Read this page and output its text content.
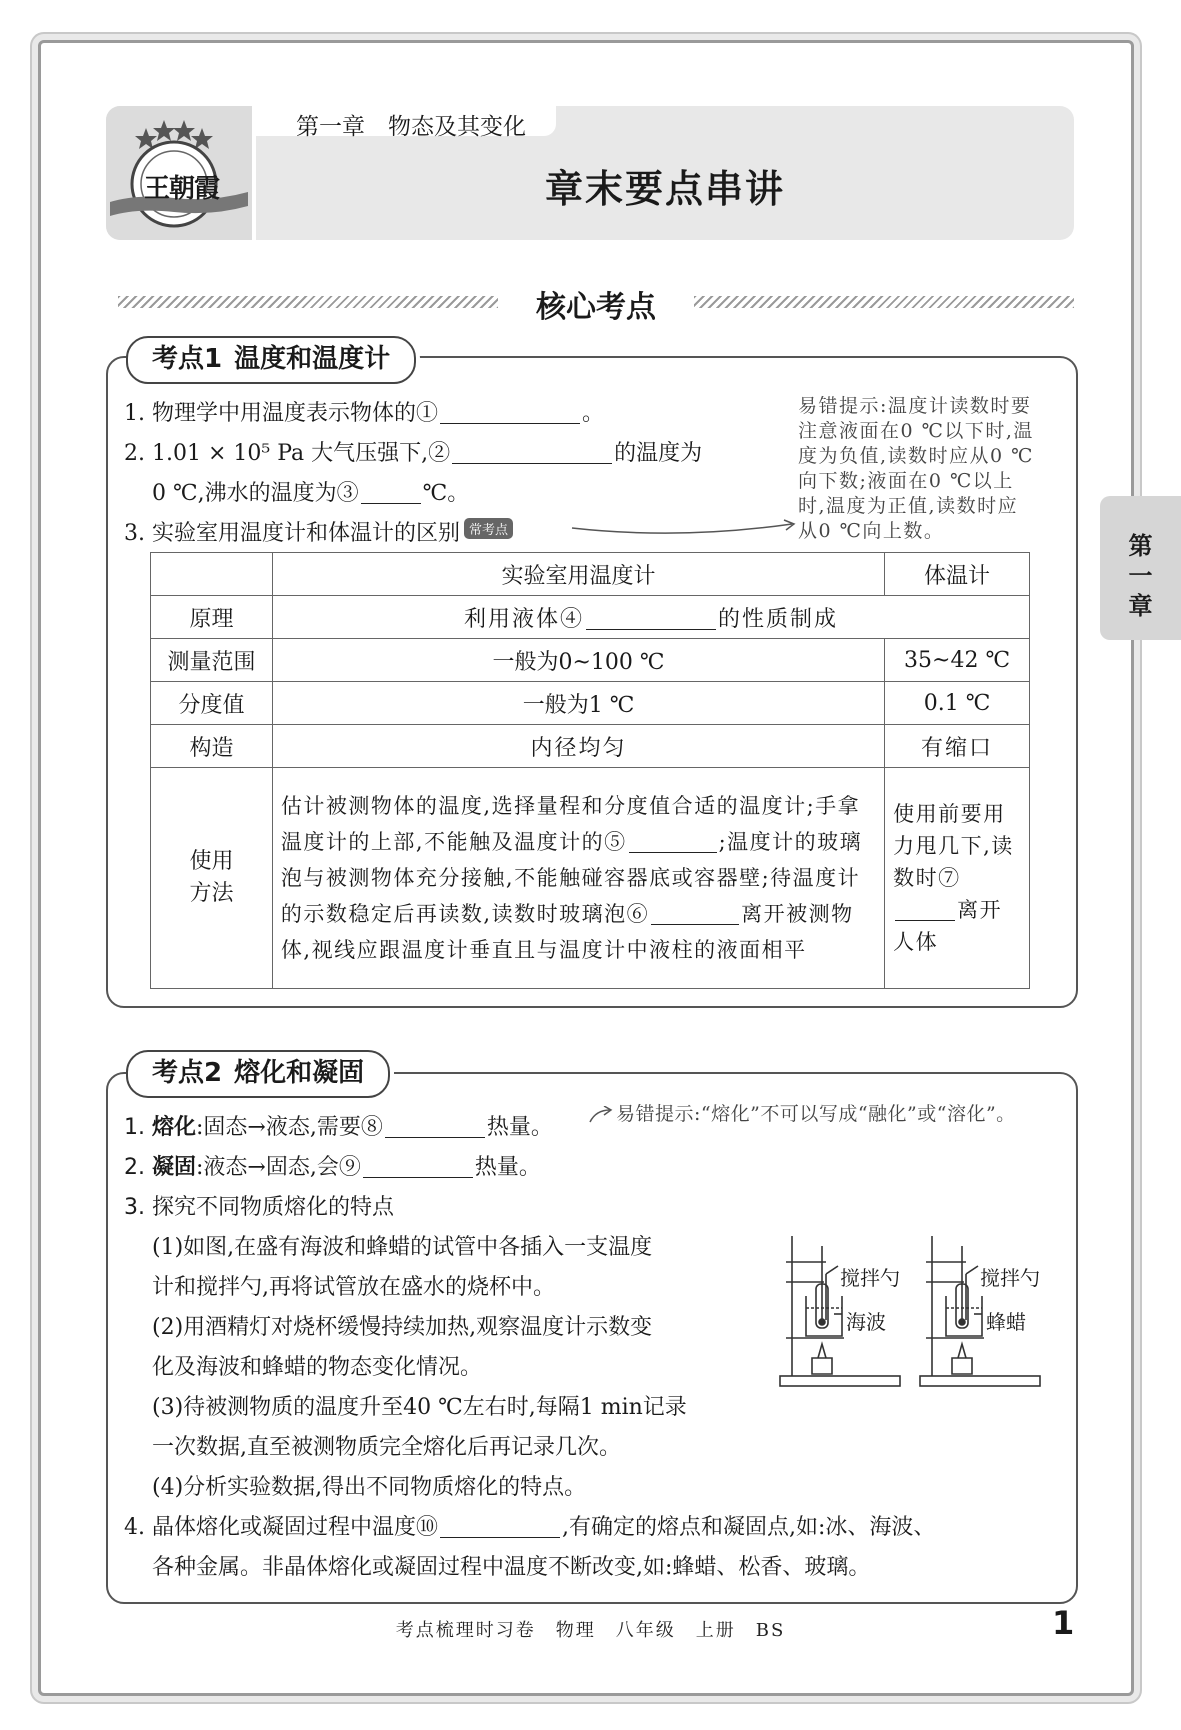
王朝霞
第一章　物态及其变化
章末要点串讲
核心考点
考点1 温度和温度计
1. 物理学中用温度表示物体的①	。
2. 1.01 × 10⁵ Pa 大气压强下,②	的温度为
0 ℃,沸水的温度为③	℃。
3. 实验室用温度计和体温计的区别 常考点
易错提示:温度计读数时要注意液面在0 ℃以下时,温度为负值,读数时应从0 ℃向下数;液面在0 ℃以上时,温度为正值,读数时应从0 ℃向上数。
	实验室用温度计	体温计
原理	利用液体④ 的性质制成	
测量范围	一般为0~100 ℃	35~42 ℃
分度值	一般为1 ℃	0.1 ℃
构造	内径均匀	有缩口
使用方法	估计被测物体的温度,选择量程和分度值合适的温度计;手拿温度计的上部,不能触及温度计的⑤ ;温度计的玻璃泡与被测物体充分接触,不能触碰容器底或容器壁;待温度计的示数稳定后再读数,读数时玻璃泡⑥ 离开被测物体,视线应跟温度计垂直且与温度计中液柱的液面相平	使用前要用力甩几下,读数时⑦离开人体
考点2 熔化和凝固
1. 熔化:固态→液态,需要⑧	热量。
易错提示:“熔化”不可以写成“融化”或“溶化”。
2. 凝固:液态→固态,会⑨	热量。
3. 探究不同物质熔化的特点
(1)如图,在盛有海波和蜂蜡的试管中各插入一支温度
计和搅拌勺,再将试管放在盛水的烧杯中。
(2)用酒精灯对烧杯缓慢持续加热,观察温度计示数变
化及海波和蜂蜡的物态变化情况。
(3)待被测物质的温度升至40 ℃左右时,每隔1 min记录
一次数据,直至被测物质完全熔化后再记录几次。
(4)分析实验数据,得出不同物质熔化的特点。
4. 晶体熔化或凝固过程中温度⑩	,有确定的熔点和凝固点,如:冰、海波、
各种金属。非晶体熔化或凝固过程中温度不断改变,如:蜂蜡、松香、玻璃。
搅拌勺
海波
搅拌勺
蜂蜡
第
一
章
考点梳理时习卷　物理　八年级　上册　BS	1
